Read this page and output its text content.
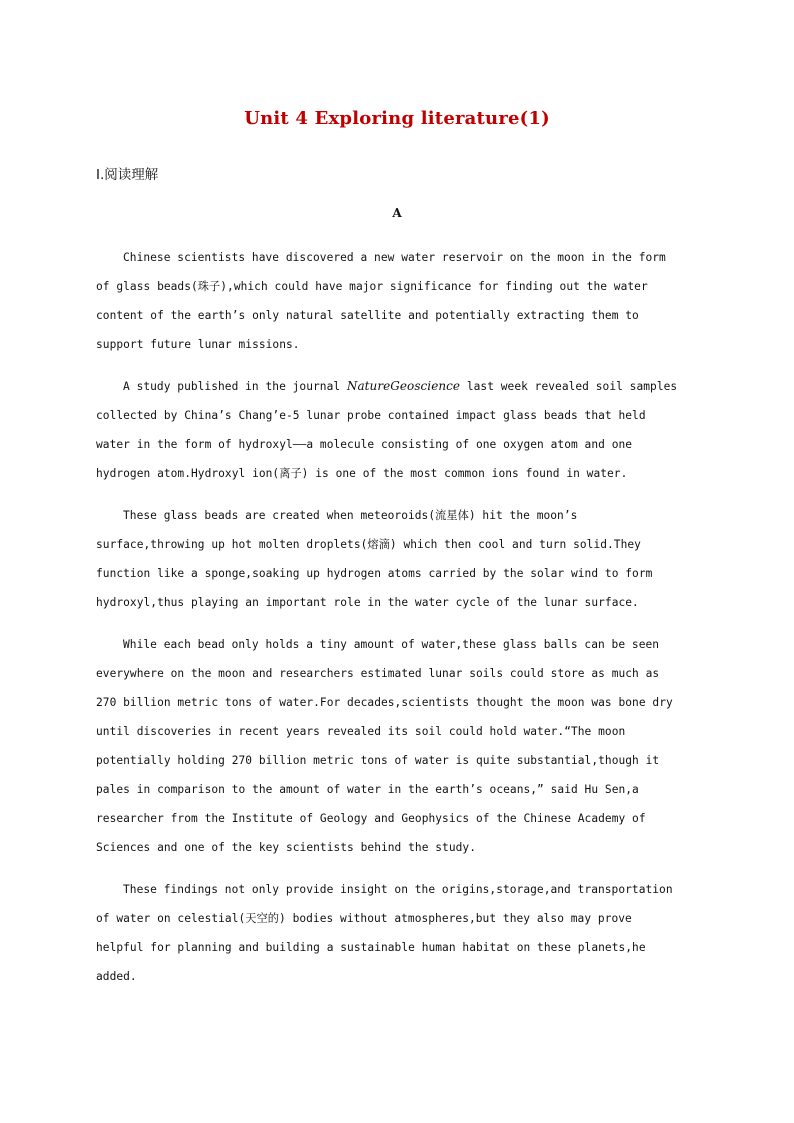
Unit 4 Exploring literature(1)
Ⅰ.阅读理解
A
Chinese scientists have discovered a new water reservoir on the moon in the form
of glass beads(珠子),which could have major significance for finding out the water
content of the earth’s only natural satellite and potentially extracting them to
support future lunar missions.
A study published in the journal NatureGeoscience last week revealed soil samples
collected by China’s Chang’e-5 lunar probe contained impact glass beads that held
water in the form of hydroxyl——a molecule consisting of one oxygen atom and one
hydrogen atom.Hydroxyl ion(离子) is one of the most common ions found in water.
These glass beads are created when meteoroids(流星体) hit the moon’s
surface,throwing up hot molten droplets(熔滴) which then cool and turn solid.They
function like a sponge,soaking up hydrogen atoms carried by the solar wind to form
hydroxyl,thus playing an important role in the water cycle of the lunar surface.
While each bead only holds a tiny amount of water,these glass balls can be seen
everywhere on the moon and researchers estimated lunar soils could store as much as
270 billion metric tons of water.For decades,scientists thought the moon was bone dry
until discoveries in recent years revealed its soil could hold water.“The moon
potentially holding 270 billion metric tons of water is quite substantial,though it
pales in comparison to the amount of water in the earth’s oceans,” said Hu Sen,a
researcher from the Institute of Geology and Geophysics of the Chinese Academy of
Sciences and one of the key scientists behind the study.
These findings not only provide insight on the origins,storage,and transportation
of water on celestial(天空的) bodies without atmospheres,but they also may prove
helpful for planning and building a sustainable human habitat on these planets,he
added.
